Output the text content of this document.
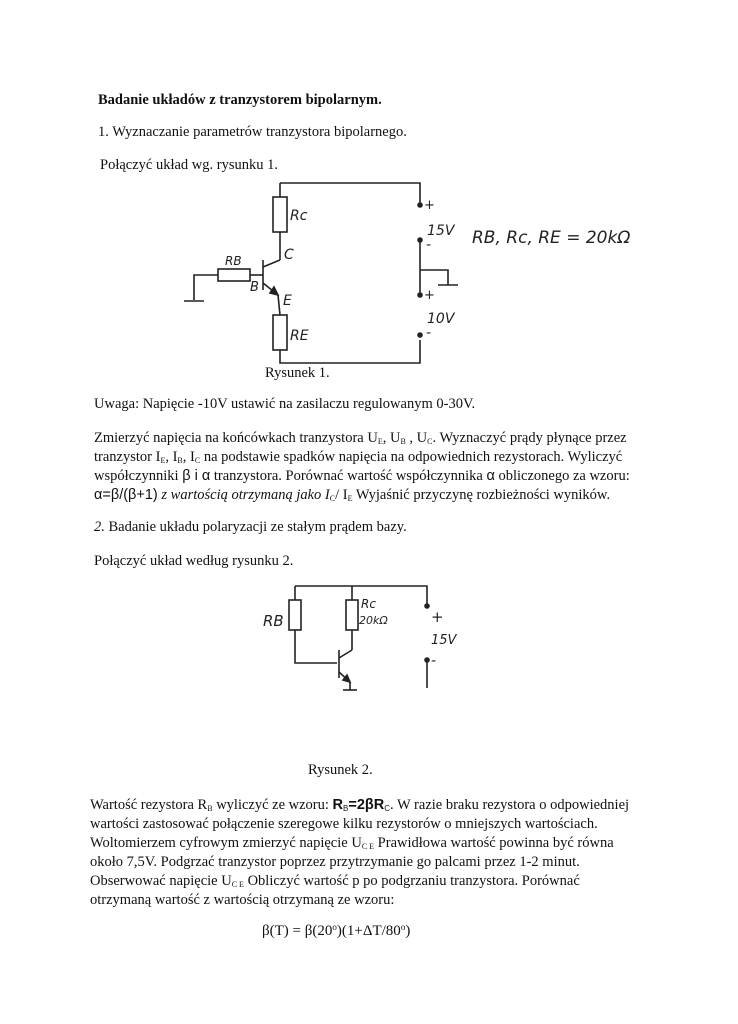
Badanie układów z tranzystorem bipolarnym.
1. Wyznaczanie parametrów tranzystora bipolarnego.
Połączyć układ wg. rysunku 1.
Rc
C
RB
B
E
RE
+
15V
-
+
10V
-
RB, Rc, RE = 20kΩ
Rysunek 1.
Uwaga: Napięcie -10V ustawić na zasilaczu regulowanym 0-30V.
Zmierzyć napięcia na końcówkach tranzystora $U_E$, $U_B$ , $U_C$. Wyznaczyć prądy płynące przez
tranzystor $I_E$, $I_B$, $I_C$ na podstawie spadków napięcia na odpowiednich rezystorach. Wyliczyć
współczynniki β i α tranzystora. Porównać wartość współczynnika α obliczonego za wzoru:
α=β/(β+1) z wartością otrzymaną jako $I_C/$ $I_E$ Wyjaśnić przyczynę rozbieżności wyników.
2. Badanie układu polaryzacji ze stałym prądem bazy.
Połączyć układ według rysunku 2.
RB
Rc
20kΩ	+
15V
-
Rysunek 2.
Wartość rezystora $R_B$ wyliczyć ze wzoru: $R_B=2\beta R_C$. W razie braku rezystora o odpowiedniej
wartości zastosować połączenie szeregowe kilku rezystorów o mniejszych wartościach.
Woltomierzem cyfrowym zmierzyć napięcie $U_{C E}$ Prawidłowa wartość powinna być równa
około 7,5V. Podgrzać tranzystor poprzez przytrzymanie go palcami przez 1-2 minut.
Obserwować napięcie $U_{C E}$ Obliczyć wartość p po podgrzaniu tranzystora. Porównać
otrzymaną wartość z wartością otrzymaną ze wzoru:
$\beta(T) = \beta(20^o)(1+\Delta T/80^o)$
